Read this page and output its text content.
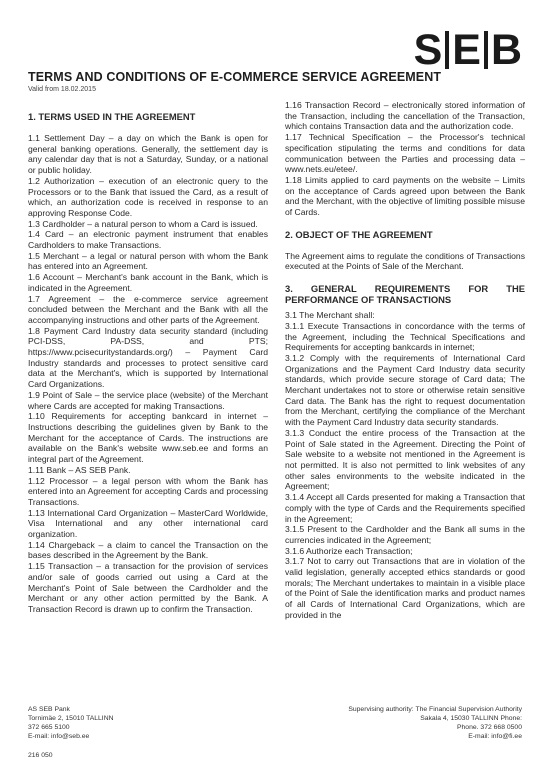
S E B
TERMS AND CONDITIONS OF E-COMMERCE SERVICE AGREEMENT
Valid from 18.02.2015
1. TERMS USED IN THE AGREEMENT

1.1 Settlement Day – a day on which the Bank is open for general banking operations. Generally, the settlement day is any calendar day that is not a Saturday, Sunday, or a national or public holiday.

1.2 Authorization – execution of an electronic query to the Processors or to the Bank that issued the Card, as a result of which, an authorization code is received in response to an approving Response Code.

1.3 Cardholder – a natural person to whom a Card is issued.

1.4 Card – an electronic payment instrument that enables Cardholders to make Transactions.

1.5 Merchant – a legal or natural person with whom the Bank has entered into an Agreement.

1.6 Account – Merchant's bank account in the Bank, which is indicated in the Agreement.

1.7 Agreement – the e-commerce service agreement concluded between the Merchant and the Bank with all the accompanying instructions and other parts of the Agreement.

1.8 Payment Card Industry data security standard (including PCI-DSS, PA-DSS, and PTS; https://www.pcisecuritystandards.org/) – Payment Card Industry standards and processes to protect sensitive card data at the Merchant's, which is supported by International Card Organizations.

1.9 Point of Sale – the service place (website) of the Merchant where Cards are accepted for making Transactions.

1.10 Requirements for accepting bankcard in internet – Instructions describing the guidelines given by Bank to the Merchant for the acceptance of Cards. The instructions are available on the Bank's website www.seb.ee and forms an integral part of the Agreement.

1.11 Bank – AS SEB Pank.

1.12 Processor – a legal person with whom the Bank has entered into an Agreement for accepting Cards and processing Transactions.

1.13 International Card Organization – MasterCard Worldwide, Visa International and any other international card organization.

1.14 Chargeback – a claim to cancel the Transaction on the bases described in the Agreement by the Bank.

1.15 Transaction – a transaction for the provision of services and/or sale of goods carried out using a Card at the Merchant's Point of Sale between the Cardholder and the Merchant or any other action permitted by the Bank. A Transaction Record is drawn up to confirm the Transaction.

1.16 Transaction Record – electronically stored information of the Transaction, including the cancellation of the Transaction, which contains Transaction data and the authorization code.

1.17 Technical Specification – the Processor's technical specification stipulating the terms and conditions for data communication between the Parties and processing data – www.nets.eu/etee/.

1.18 Limits applied to card payments on the website – Limits on the acceptance of Cards agreed upon between the Bank and the Merchant, with the objective of limiting possible misuse of Cards.

2. OBJECT OF THE AGREEMENT

The Agreement aims to regulate the conditions of Transactions executed at the Points of Sale of the Merchant.

3. GENERAL REQUIREMENTS FOR THE PERFORMANCE OF TRANSACTIONS

3.1 The Merchant shall:

3.1.1 Execute Transactions in concordance with the terms of the Agreement, including the Technical Specifications and Requirements for accepting bankcards in internet;

3.1.2 Comply with the requirements of International Card Organizations and the Payment Card Industry data security standards, which provide secure storage of Card data; The Merchant undertakes not to store or otherwise retain sensitive Card data. The Bank has the right to request documentation from the Merchant, certifying the compliance of the Merchant with the Payment Card Industry data security standards.

3.1.3 Conduct the entire process of the Transaction at the Point of Sale stated in the Agreement. Directing the Point of Sale website to a website not mentioned in the Agreement is not permitted. It is also not permitted to link websites of any other sales environments to the website indicated in the Agreement;

3.1.4 Accept all Cards presented for making a Transaction that comply with the type of Cards and the Requirements specified in the Agreement;

3.1.5 Present to the Cardholder and the Bank all sums in the currencies indicated in the Agreement;

3.1.6 Authorize each Transaction;

3.1.7 Not to carry out Transactions that are in violation of the valid legislation, generally accepted ethics standards or good morals; The Merchant undertakes to maintain in a visible place of the Point of Sale the identification marks and product names of all Cards of International Card Organizations, which are provided in the

AS SEB Pank
Tornimäe 2, 15010 TALLINN
372 665 5100
E-mail: info@seb.ee
Supervising authority: The Financial Supervision Authority
Sakala 4, 15030 TALLINN Phone:
Phone. 372 668 0500
E-mail: info@fi.ee
216 050
